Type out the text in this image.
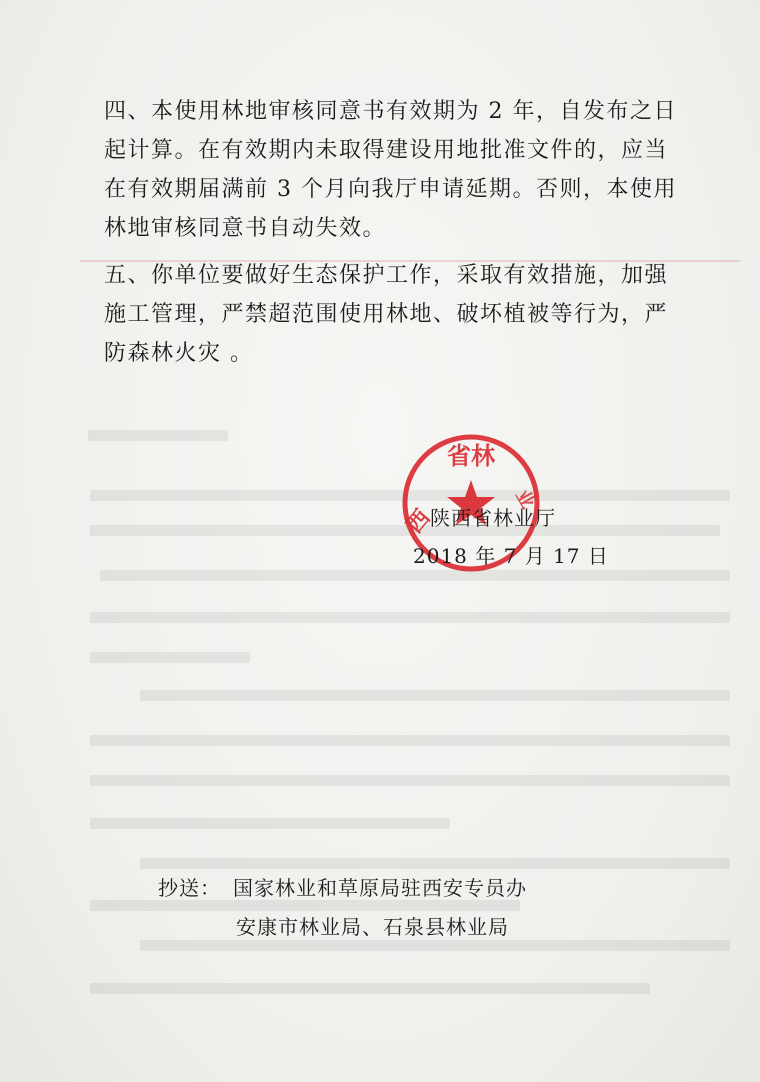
四、本使用林地审核同意书有效期为 2 年，自发布之日起计算。在有效期内未取得建设用地批准文件的，应当在有效期届满前 3 个月向我厅申请延期。否则，本使用林地审核同意书自动失效。

五、你单位要做好生态保护工作，采取有效措施，加强施工管理，严禁超范围使用林地、破坏植被等行为，严防森林火灾 。

省林
西
业
陕西省林业厅
2018 年 7 月 17 日
抄送： 国家林业和草原局驻西安专员办
安康市林业局、石泉县林业局
